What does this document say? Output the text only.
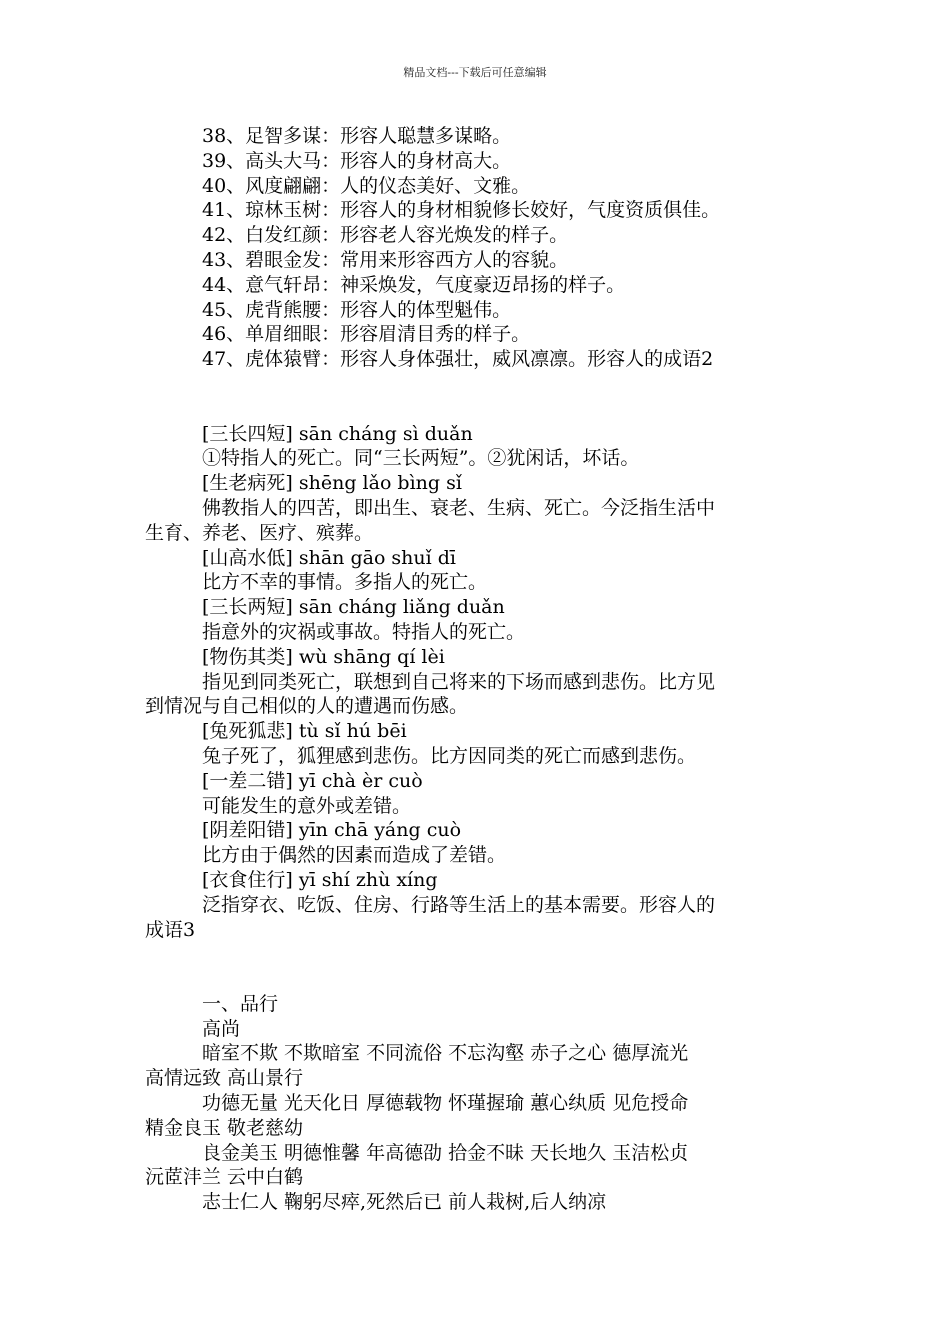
精品文档---下载后可任意编辑
38、足智多谋：形容人聪慧多谋略。
39、高头大马：形容人的身材高大。
40、风度翩翩：人的仪态美好、文雅。
41、琼林玉树：形容人的身材相貌修长姣好，气度资质俱佳。
42、白发红颜：形容老人容光焕发的样子。
43、碧眼金发：常用来形容西方人的容貌。
44、意气轩昂：神采焕发，气度豪迈昂扬的样子。
45、虎背熊腰：形容人的体型魁伟。
46、单眉细眼：形容眉清目秀的样子。
47、虎体猿臂：形容人身体强壮，威风凛凛。形容人的成语2
[三长四短] sān cháng sì duǎn
①特指人的死亡。同“三长两短”。②犹闲话，坏话。
[生老病死] shēng lǎo bìng sǐ
佛教指人的四苦，即出生、衰老、生病、死亡。今泛指生活中
生育、养老、医疗、殡葬。
[山高水低] shān gāo shuǐ dī
比方不幸的事情。多指人的死亡。
[三长两短] sān cháng liǎng duǎn
指意外的灾祸或事故。特指人的死亡。
[物伤其类] wù shāng qí lèi
指见到同类死亡，联想到自己将来的下场而感到悲伤。比方见
到情况与自己相似的人的遭遇而伤感。
[兔死狐悲] tù sǐ hú bēi
兔子死了，狐狸感到悲伤。比方因同类的死亡而感到悲伤。
[一差二错] yī chà èr cuò
可能发生的意外或差错。
[阴差阳错] yīn chā yáng cuò
比方由于偶然的因素而造成了差错。
[衣食住行] yī shí zhù xíng
泛指穿衣、吃饭、住房、行路等生活上的基本需要。形容人的
成语3
一、品行
高尚
暗室不欺 不欺暗室 不同流俗 不忘沟壑 赤子之心 德厚流光
高情远致 高山景行
功德无量 光天化日 厚德载物 怀瑾握瑜 蕙心纨质 见危授命
精金良玉 敬老慈幼
良金美玉 明德惟馨 年高德劭 拾金不昧 天长地久 玉洁松贞
沅茝沣兰 云中白鹤
志士仁人 鞠躬尽瘁,死然后已 前人栽树,后人纳凉
